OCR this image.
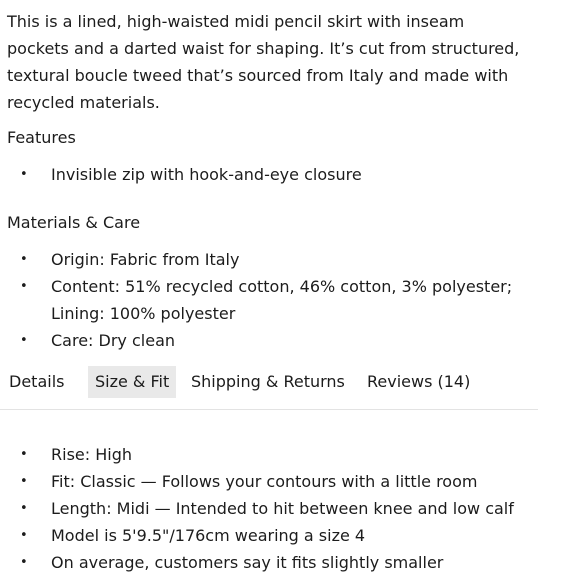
This is a lined, high-waisted midi pencil skirt with inseam pockets and a darted waist for shaping. It’s cut from structured, textural boucle tweed that’s sourced from Italy and made with recycled materials.

Features

• Invisible zip with hook-and-eye closure

Materials & Care

• Origin: Fabric from Italy
• Content: 51% recycled cotton, 46% cotton, 3% polyester; Lining: 100% polyester
• Care: Dry clean
Details	Size & Fit	Shipping & Returns Reviews (14)
• Rise: High
• Fit: Classic — Follows your contours with a little room
• Length: Midi — Intended to hit between knee and low calf
• Model is 5'9.5"/176cm wearing a size 4
• On average, customers say it fits slightly smaller
